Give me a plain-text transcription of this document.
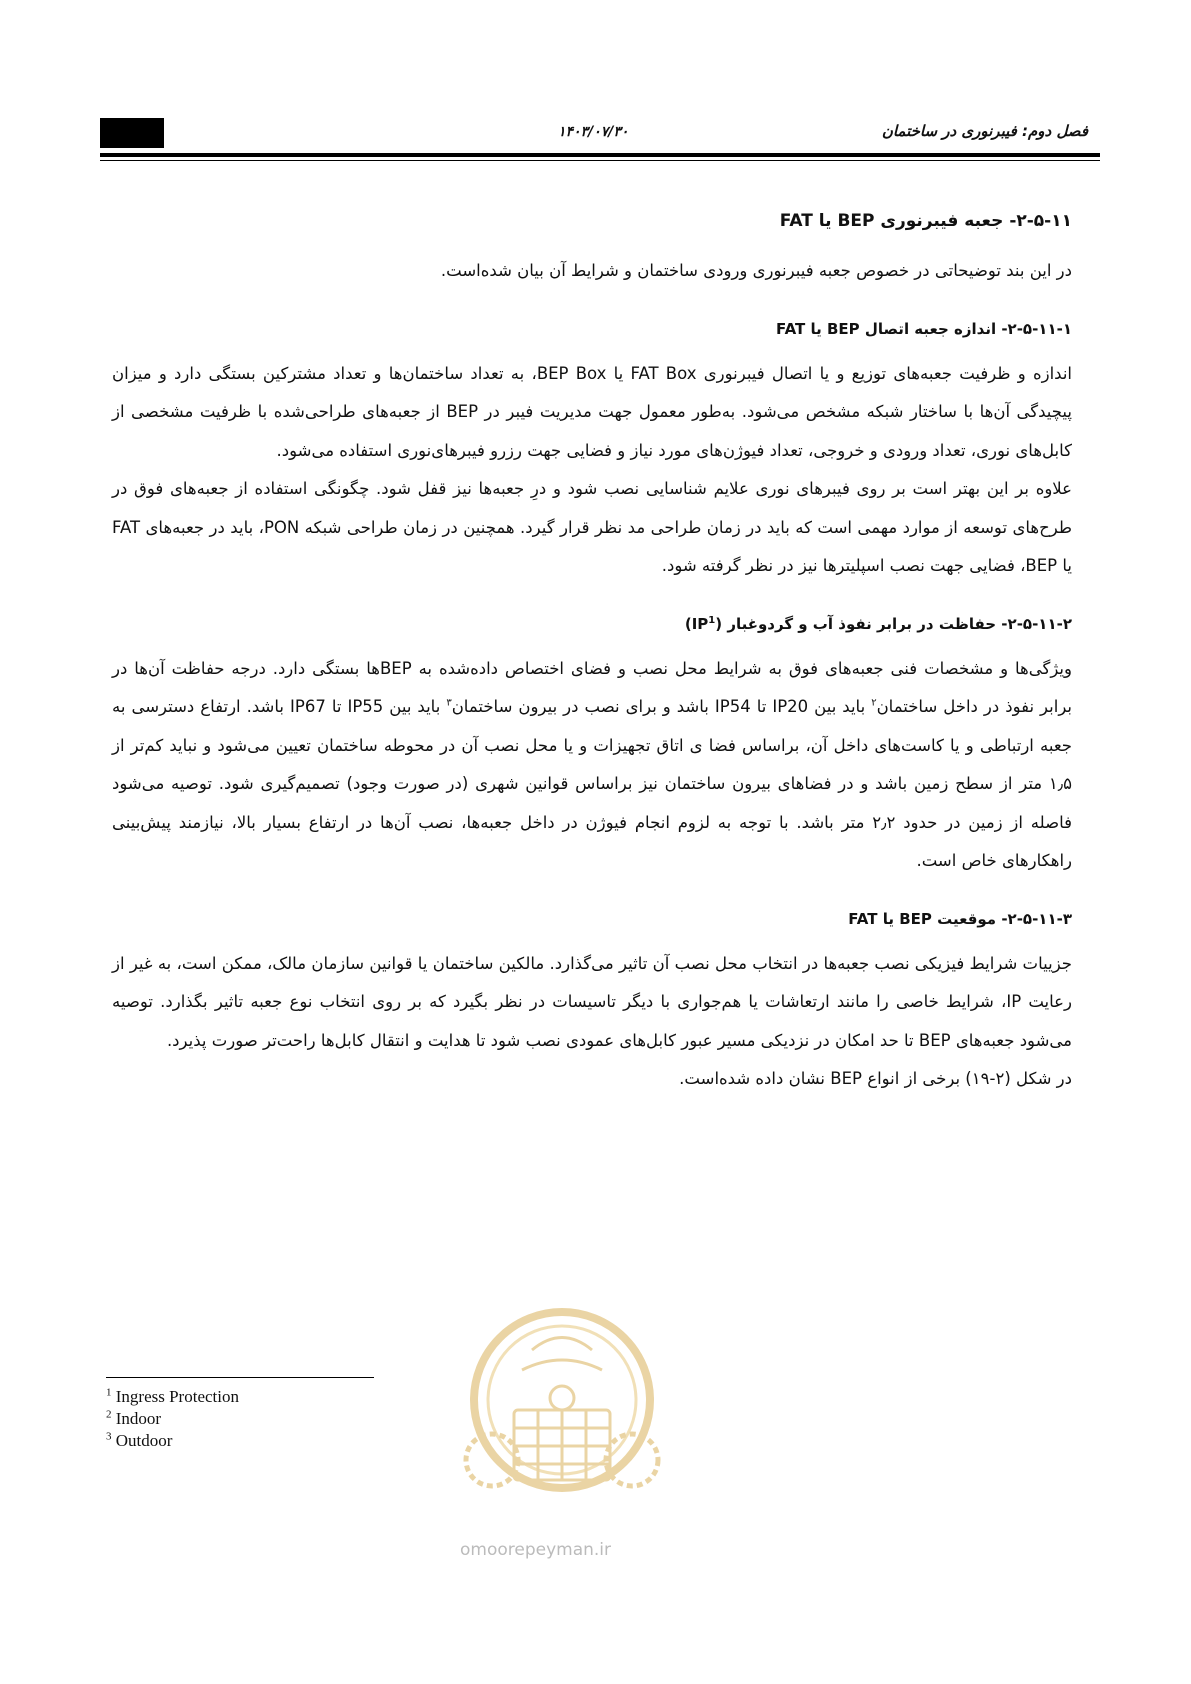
۱۴۰۳/۰۷/۳۰	فصل دوم: فیبرنوری در ساختمان
۲-۵-۱۱- جعبه فیبرنوری BEP یا FAT

در این بند توضیحاتی در خصوص جعبه فیبرنوری ورودی ساختمان و شرایط آن بیان شده‌است.

۲-۵-۱۱-۱- اندازه جعبه اتصال BEP یا FAT

اندازه و ظرفیت جعبه‌های توزیع و یا اتصال فیبرنوری FAT Box یا BEP Box، به تعداد ساختمان‌ها و تعداد مشترکین بستگی دارد و میزان پیچیدگی آن‌ها با ساختار شبکه مشخص می‌شود. به‌طور معمول جهت مدیریت فیبر در BEP از جعبه‌های طراحی‌شده با ظرفیت مشخصی از کابل‌های نوری، تعداد ورودی و خروجی، تعداد فیوژن‌های مورد نیاز و فضایی جهت رزرو فیبرهای‌نوری استفاده می‌شود.

علاوه بر این بهتر است بر روی فیبرهای نوری علایم شناسایی نصب شود و درِ جعبه‌ها نیز قفل شود. چگونگی استفاده از جعبه‌های فوق در طرح‌های توسعه از موارد مهمی است که باید در زمان طراحی مد نظر قرار گیرد. همچنین در زمان طراحی شبکه PON، باید در جعبه‌های FAT یا BEP، فضایی جهت نصب اسپلیترها نیز در نظر گرفته شود.

۲-۵-۱۱-۲- حفاظت در برابر نفوذ آب و گردوغبار $(IP^1)$

ویژگی‌ها و مشخصات فنی جعبه‌های فوق به شرایط محل نصب و فضای اختصاص داده‌شده به BEPها بستگی دارد. درجه حفاظت آن‌ها در برابر نفوذ در داخل ساختمان$^۲$ باید بین IP20 تا IP54 باشد و برای نصب در بیرون ساختمان$^۳$ باید بین IP55 تا IP67 باشد. ارتفاع دسترسی به جعبه ارتباطی و یا کاست‌های داخل آن، براساس فضا ی اتاق تجهیزات و یا محل نصب آن در محوطه ساختمان تعیین می‌شود و نباید کم‌تر از ۱٫۵ متر از سطح زمین باشد و در فضاهای بیرون ساختمان نیز براساس قوانین شهری (در صورت وجود) تصمیم‌گیری شود. توصیه می‌شود فاصله از زمین در حدود ۲٫۲ متر باشد. با توجه به لزوم انجام فیوژن در داخل جعبه‌ها، نصب آن‌ها در ارتفاع بسیار بالا، نیازمند پیش‌بینی راهکارهای خاص است.

۲-۵-۱۱-۳- موقعیت BEP یا FAT

جزییات شرایط فیزیکی نصب جعبه‌ها در انتخاب محل نصب آن تاثیر می‌گذارد. مالکین ساختمان یا قوانین سازمان مالک، ممکن است، به غیر از رعایت IP، شرایط خاصی را مانند ارتعاشات یا هم‌جواری با دیگر تاسیسات در نظر بگیرد که بر روی انتخاب نوع جعبه تاثیر بگذارد. توصیه می‌شود جعبه‌های BEP تا حد امکان در نزدیکی مسیر عبور کابل‌های عمودی نصب شود تا هدایت و انتقال کابل‌ها راحت‌تر صورت پذیرد.

در شکل (۲-۱۹) برخی از انواع BEP نشان داده شده‌است.

omoorepeyman.ir
$^1$ Ingress Protection
$^2$ Indoor
$^3$ Outdoor
